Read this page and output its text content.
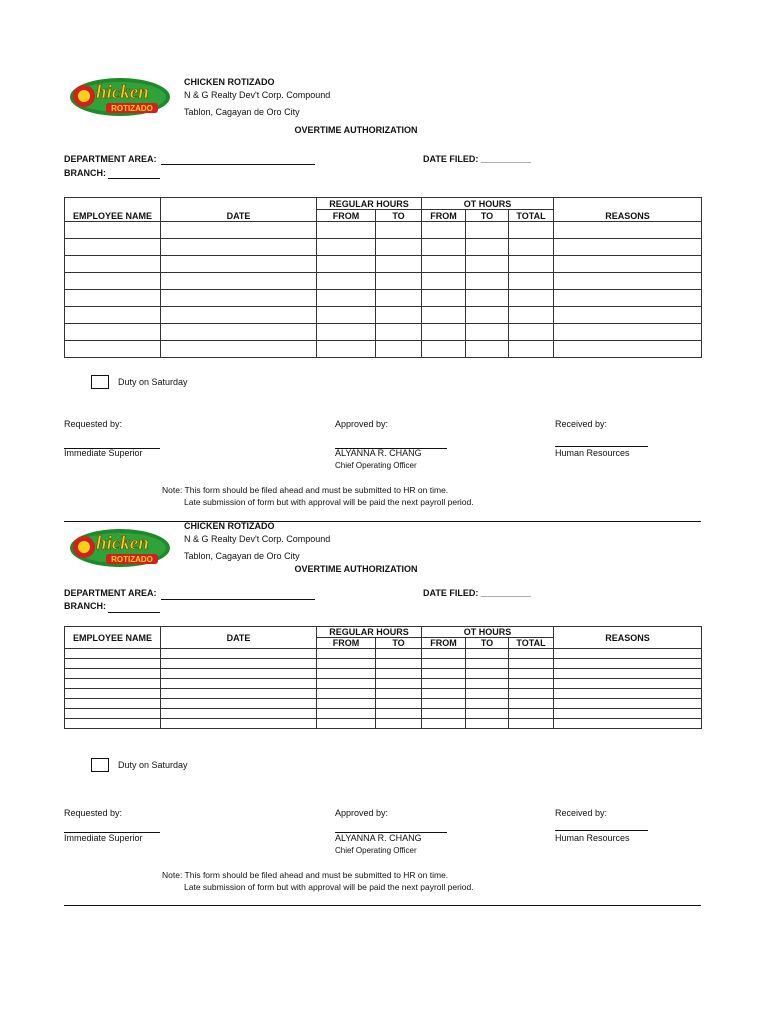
hicken
ROTIZADO
CHICKEN ROTIZADO
N & G Realty Dev't Corp. Compound
Tablon, Cagayan de Oro City
OVERTIME AUTHORIZATION
DEPARTMENT AREA:
BRANCH:
DATE FILED: __________
EMPLOYEE NAME	DATE	REGULAR HOURS		OT HOURS			REASONS
		FROM	TO	FROM	TO	TOTAL	

Duty on Saturday
Requested by:
Immediate Superior
Approved by:
ALYANNA R. CHANG
Chief Operating Officer
Received by:
Human Resources
Note: This form should be filed ahead and must be submitted to HR on time.
Late submission of form but with approval will be paid the next payroll period.
hicken
ROTIZADO
CHICKEN ROTIZADO
N & G Realty Dev't Corp. Compound
Tablon, Cagayan de Oro City
OVERTIME AUTHORIZATION
DEPARTMENT AREA:
BRANCH:
DATE FILED: __________
EMPLOYEE NAME	DATE	REGULAR HOURS		OT HOURS			REASONS
		FROM	TO	FROM	TO	TOTAL	

Duty on Saturday
Requested by:
Immediate Superior
Approved by:
ALYANNA R. CHANG
Chief Operating Officer
Received by:
Human Resources
Note: This form should be filed ahead and must be submitted to HR on time.
Late submission of form but with approval will be paid the next payroll period.
